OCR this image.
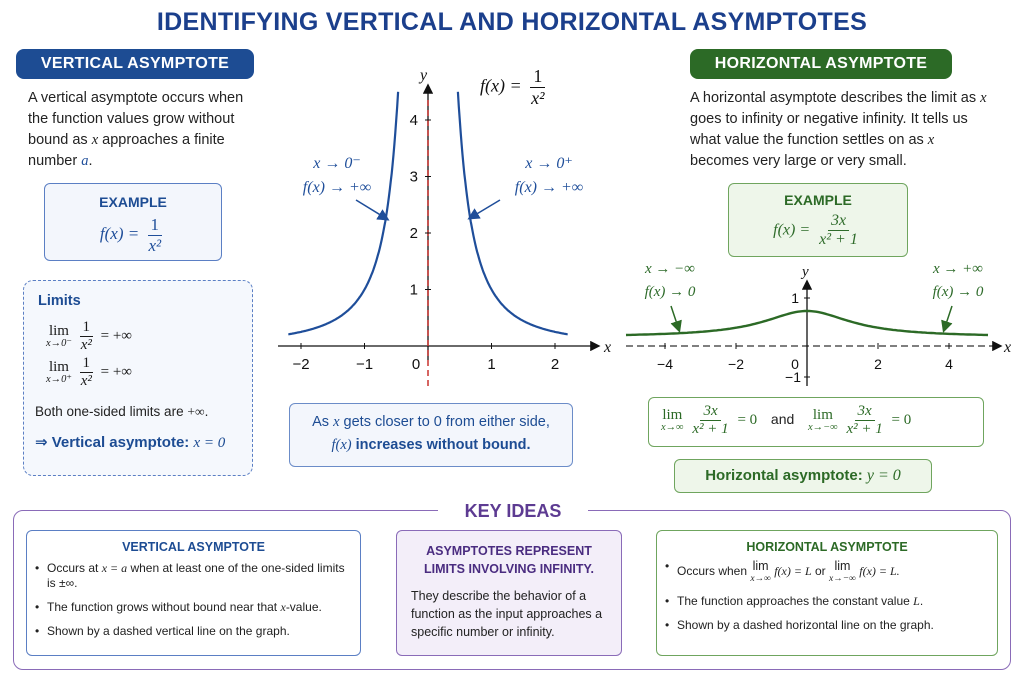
IDENTIFYING VERTICAL AND HORIZONTAL ASYMPTOTES
VERTICAL ASYMPTOTE
A vertical asymptote occurs when the function values grow without bound as x approaches a finite number a.
EXAMPLE
$f(x) = \frac{1}{\text{x²}}$
Limits
lim
x→0⁻
$\frac{1}{\text{x²}}$ = +∞
lim
x→0⁺
$\frac{1}{\text{x²}}$ = +∞
Both one-sided limits are +∞.
⇒ Vertical asymptote: x = 0
−2	−1	0	1	2
1
2
3
4
x
y
−4	−2	0	2	4
1
−1
x
y
$f(x) = \frac{1}{\text{x²}}$
x → 0⁻
f(x) → +∞
x → 0⁺
f(x) → +∞
As x gets closer to 0 from either side,
f(x) increases without bound.
HORIZONTAL ASYMPTOTE
A horizontal asymptote describes the limit as x goes to infinity or negative infinity. It tells us what value the function settles on as x becomes very large or very small.
EXAMPLE
$f(x) = \frac{3x}{\text{x² + 1}}$
x → −∞
f(x) → 0
x → +∞
f(x) → 0
lim
x→∞
$\frac{3x}{\text{x² + 1}} = 0$ and lim
x→−∞
$\frac{3x}{\text{x² + 1}} = 0$
Horizontal asymptote: y = 0
KEY IDEAS
VERTICAL ASYMPTOTE
• Occurs at x = a when at least one of the one-sided limits is ±∞.
• The function grows without bound near that x-value.
• Shown by a dashed vertical line on the graph.
ASYMPTOTES REPRESENT LIMITS INVOLVING INFINITY.
They describe the behavior of a function as the input approaches a specific number or infinity.
HORIZONTAL ASYMPTOTE
• Occurs when lim
x→∞
f(x) = L or lim
x→−∞
f(x) = L.
• The function approaches the constant value L.
• Shown by a dashed horizontal line on the graph.
